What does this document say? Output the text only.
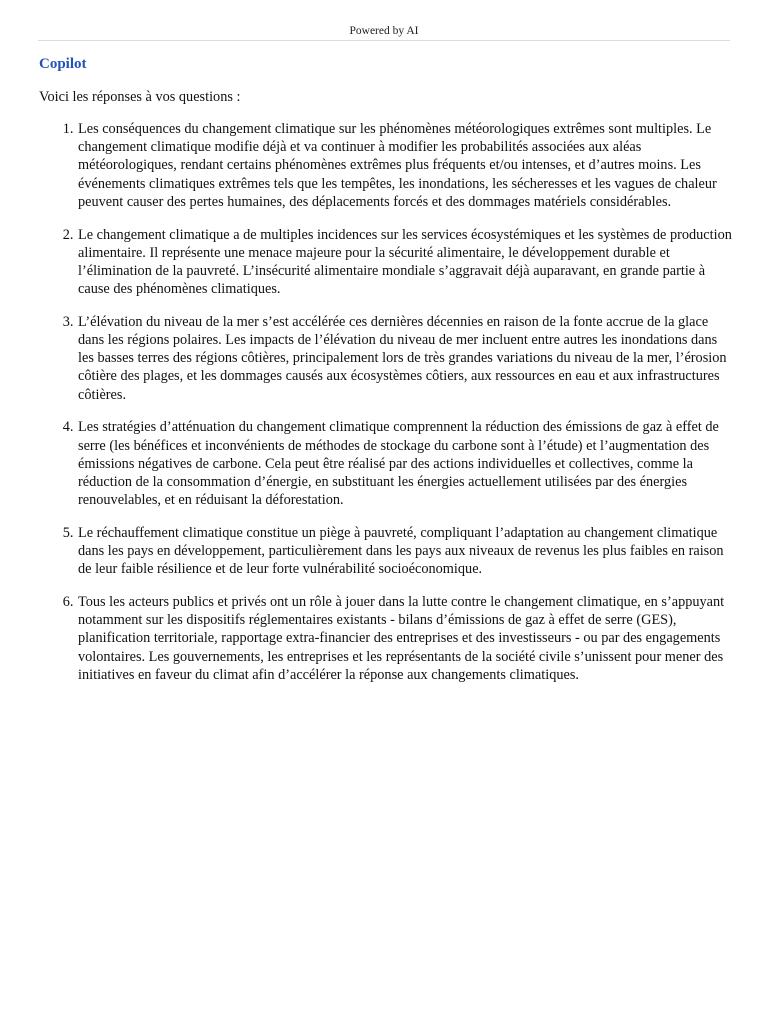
Powered by AI

Copilot

Voici les réponses à vos questions :

1. Les conséquences du changement climatique sur les phénomènes météorologiques extrêmes sont multiples. Le changement climatique modifie déjà et va continuer à modifier les probabilités associées aux aléas météorologiques, rendant certains phénomènes extrêmes plus fréquents et/ou intenses, et d’autres moins. Les événements climatiques extrêmes tels que les tempêtes, les inondations, les sécheresses et les vagues de chaleur peuvent causer des pertes humaines, des déplacements forcés et des dommages matériels considérables.
2. Le changement climatique a de multiples incidences sur les services écosystémiques et les systèmes de production alimentaire. Il représente une menace majeure pour la sécurité alimentaire, le développement durable et l’élimination de la pauvreté. L’insécurité alimentaire mondiale s’aggravait déjà auparavant, en grande partie à cause des phénomènes climatiques.
3. L’élévation du niveau de la mer s’est accélérée ces dernières décennies en raison de la fonte accrue de la glace dans les régions polaires. Les impacts de l’élévation du niveau de mer incluent entre autres les inondations dans les basses terres des régions côtières, principalement lors de très grandes variations du niveau de la mer, l’érosion côtière des plages, et les dommages causés aux écosystèmes côtiers, aux ressources en eau et aux infrastructures côtières.
4. Les stratégies d’atténuation du changement climatique comprennent la réduction des émissions de gaz à effet de serre (les bénéfices et inconvénients de méthodes de stockage du carbone sont à l’étude) et l’augmentation des émissions négatives de carbone. Cela peut être réalisé par des actions individuelles et collectives, comme la réduction de la consommation d’énergie, en substituant les énergies actuellement utilisées par des énergies renouvelables, et en réduisant la déforestation.
5. Le réchauffement climatique constitue un piège à pauvreté, compliquant l’adaptation au changement climatique dans les pays en développement, particulièrement dans les pays aux niveaux de revenus les plus faibles en raison de leur faible résilience et de leur forte vulnérabilité socioéconomique.
6. Tous les acteurs publics et privés ont un rôle à jouer dans la lutte contre le changement climatique, en s’appuyant notamment sur les dispositifs réglementaires existants - bilans d’émissions de gaz à effet de serre (GES), planification territoriale, rapportage extra-financier des entreprises et des investisseurs - ou par des engagements volontaires. Les gouvernements, les entreprises et les représentants de la société civile s’unissent pour mener des initiatives en faveur du climat afin d’accélérer la réponse aux changements climatiques.
